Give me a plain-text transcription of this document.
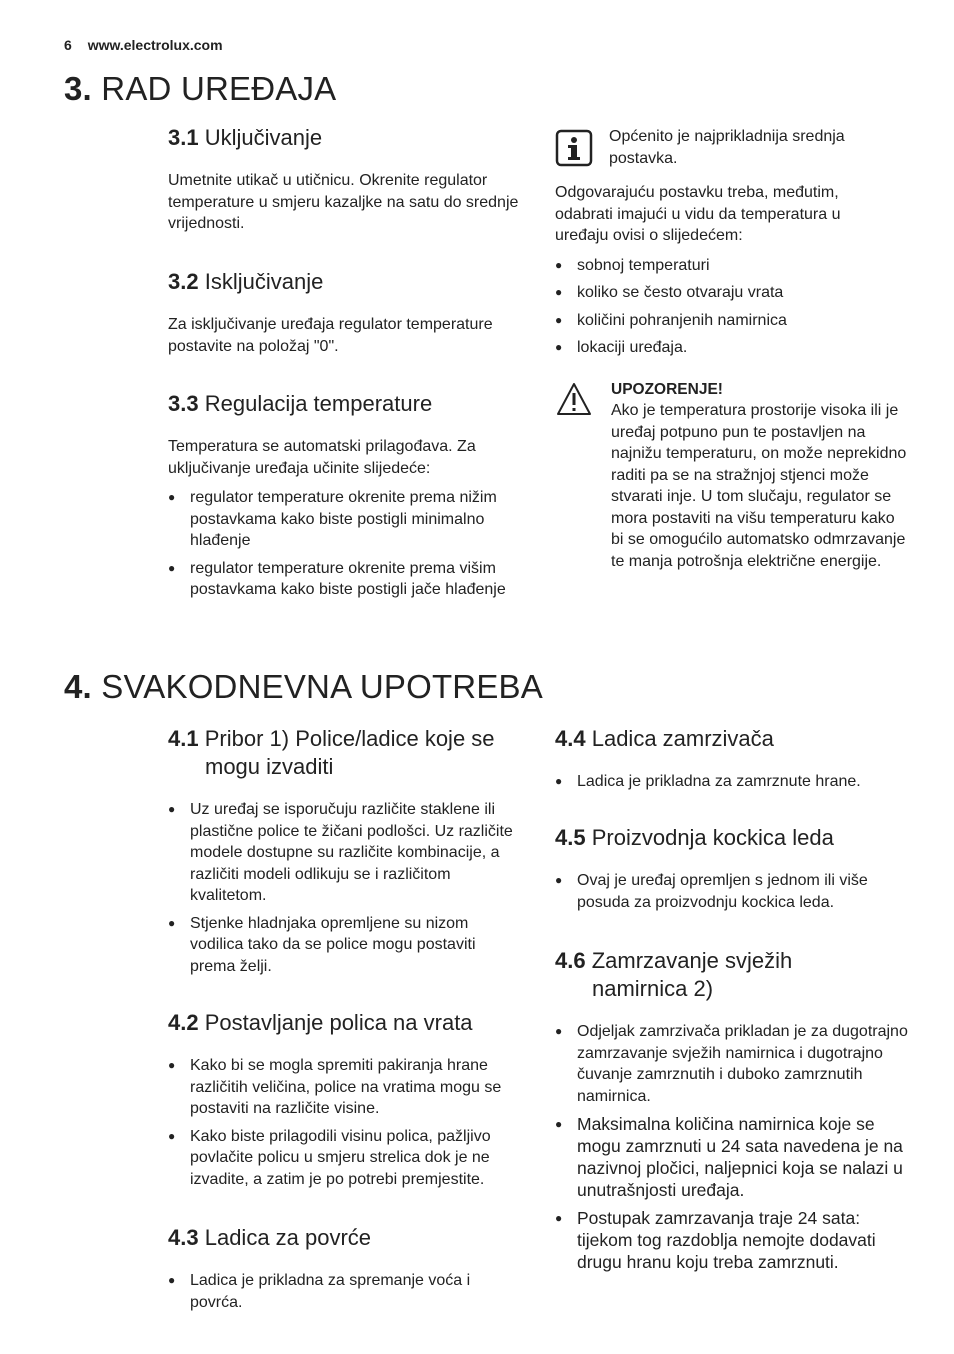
6 www.electrolux.com
3. RAD UREĐAJA
3.1 Uključivanje

Umetnite utikač u utičnicu. Okrenite regulator temperature u smjeru kazaljke na satu do srednje vrijednosti.

3.2 Isključivanje

Za isključivanje uređaja regulator temperature postavite na položaj "0".

3.3 Regulacija temperature

Temperatura se automatski prilagođava. Za uključivanje uređaja učinite slijedeće:

● regulator temperature okrenite prema nižim postavkama kako biste postigli minimalno hlađenje
● regulator temperature okrenite prema višim postavkama kako biste postigli jače hlađenje

Općenito je najprikladnija srednja postavka.

Odgovarajuću postavku treba, međutim, odabrati imajući u vidu da temperatura u uređaju ovisi o slijedećem:

● sobnoj temperaturi
● koliko se često otvaraju vrata
● količini pohranjenih namirnica
● lokaciji uređaja.
UPOZORENJE!

Ako je temperatura prostorije visoka ili je uređaj potpuno pun te postavljen na najnižu temperaturu, on može neprekidno raditi pa se na stražnjoj stjenci može stvarati inje. U tom slučaju, regulator se mora postaviti na višu temperaturu kako bi se omogućilo automatsko odmrzavanje te manja potrošnja električne energije.

4. SVAKODNEVNA UPOTREBA
4.1 Pribor 1) Police/ladice koje se
mogu izvaditi
● Uz uređaj se isporučuju različite staklene ili plastične police te žičani podlošci. Uz različite modele dostupne su različite kombinacije, a različiti modeli odlikuju se i različitom kvalitetom.
● Stjenke hladnjaka opremljene su nizom vodilica tako da se police mogu postaviti prema želji.
4.2 Postavljanje polica na vrata
● Kako bi se mogla spremiti pakiranja hrane različitih veličina, police na vratima mogu se postaviti na različite visine.
● Kako biste prilagodili visinu polica, pažljivo povlačite policu u smjeru strelica dok je ne izvadite, a zatim je po potrebi premjestite.
4.3 Ladica za povrće
● Ladica je prikladna za spremanje voća i povrća.
4.4 Ladica zamrzivača
● Ladica je prikladna za zamrznute hrane.
4.5 Proizvodnja kockica leda
● Ovaj je uređaj opremljen s jednom ili više posuda za proizvodnju kockica leda.
4.6 Zamrzavanje svježih
namirnica 2)
● Odjeljak zamrzivača prikladan je za dugotrajno zamrzavanje svježih namirnica i dugotrajno čuvanje zamrznutih i duboko zamrznutih namirnica.
● Maksimalna količina namirnica koje se mogu zamrznuti u 24 sata navedena je na nazivnoj pločici, naljepnici koja se nalazi u unutrašnjosti uređaja.
● Postupak zamrzavanja traje 24 sata: tijekom tog razdoblja nemojte dodavati drugu hranu koju treba zamrznuti.
